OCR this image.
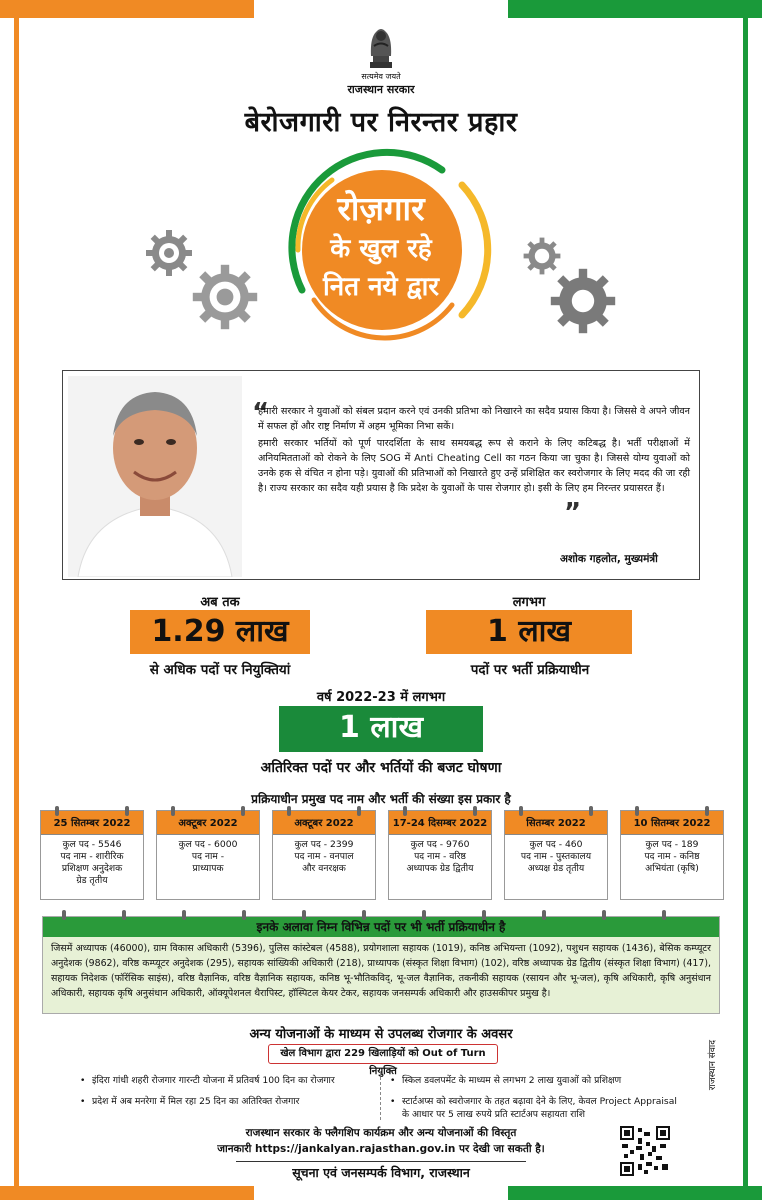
सत्यमेव जयते
राजस्थान सरकार
बेरोजगारी पर निरन्तर प्रहार
रोज़गार
के खुल रहे
नित नये द्वार
“

हमारी सरकार ने युवाओं को संबल प्रदान करने एवं उनकी प्रतिभा को निखारने का सदैव प्रयास किया है। जिससे वे अपने जीवन में सफल हों और राष्ट्र निर्माण में अहम भूमिका निभा सकें।

हमारी सरकार भर्तियों को पूर्ण पारदर्शिता के साथ समयबद्ध रूप से कराने के लिए कटिबद्ध है। भर्ती परीक्षाओं में अनियमितताओं को रोकने के लिए SOG में Anti Cheating Cell का गठन किया जा चुका है। जिससे योग्य युवाओं को उनके हक से वंचित न होना पड़े। युवाओं की प्रतिभाओं को निखारते हुए उन्हें प्रशिक्षित कर स्वरोजगार के लिए मदद की जा रही है। राज्य सरकार का सदैव यही प्रयास है कि प्रदेश के युवाओं के पास रोजगार हो। इसी के लिए हम निरन्तर प्रयासरत हैं।

”
अशोक गहलोत, मुख्यमंत्री
अब तक
1.29 लाख
से अधिक पदों पर नियुक्तियां
लगभग
1 लाख
पदों पर भर्ती प्रक्रियाधीन
वर्ष 2022-23 में लगभग
1 लाख
अतिरिक्त पदों पर और भर्तियों की बजट घोषणा
प्रक्रियाधीन प्रमुख पद नाम और भर्ती की संख्या इस प्रकार है
25 सितम्बर 2022
कुल पद - 5546
पद नाम - शारीरिक
प्रशिक्षण अनुदेशक
ग्रेड तृतीय
अक्टूबर 2022
कुल पद - 6000
पद नाम -
प्राध्यापक
अक्टूबर 2022
कुल पद - 2399
पद नाम - वनपाल
और वनरक्षक
17-24 दिसम्बर 2022
कुल पद - 9760
पद नाम - वरिष्ठ
अध्यापक ग्रेड द्वितीय
सितम्बर 2022
कुल पद - 460
पद नाम - पुस्तकालय
अध्यक्ष ग्रेड तृतीय
10 सितम्बर 2022
कुल पद - 189
पद नाम - कनिष्ठ
अभियंता (कृषि)
इनके अलावा निम्न विभिन्न पदों पर भी भर्ती प्रक्रियाधीन है
जिसमें अध्यापक (46000), ग्राम विकास अधिकारी (5396), पुलिस कांस्टेबल (4588), प्रयोगशाला सहायक (1019), कनिष्ठ अभियन्ता (1092), पशुधन सहायक (1436), बेसिक कम्प्यूटर अनुदेशक (9862), वरिष्ठ कम्प्यूटर अनुदेशक (295), सहायक सांख्यिकी अधिकारी (218), प्राध्यापक (संस्कृत शिक्षा विभाग) (102), वरिष्ठ अध्यापक ग्रेड द्वितीय (संस्कृत शिक्षा विभाग) (417), सहायक निदेशक (फॉरेंसिक साइंस), वरिष्ठ वैज्ञानिक, वरिष्ठ वैज्ञानिक सहायक, कनिष्ठ भू-भौतिकविद्, भू-जल वैज्ञानिक, तकनीकी सहायक (रसायन और भू-जल), कृषि अधिकारी, कृषि अनुसंधान अधिकारी, सहायक कृषि अनुसंधान अधिकारी, ऑक्यूपेशनल थैरापिस्ट, हॉस्पिटल केयर टेकर, सहायक जनसम्पर्क अधिकारी और हाउसकीपर प्रमुख है।
अन्य योजनाओं के माध्यम से उपलब्ध रोजगार के अवसर
खेल विभाग द्वारा 229 खिलाड़ियों को Out of Turn नियुक्ति
• इंदिरा गांधी शहरी रोजगार गारन्टी योजना में प्रतिवर्ष 100 दिन का रोजगार
• प्रदेश में अब मनरेगा में मिल रहा 25 दिन का अतिरिक्त रोजगार
• स्किल डवलपमेंट के माध्यम से लगभग 2 लाख युवाओं को प्रशिक्षण
• स्टार्टअप्स को स्वरोजगार के तहत बढ़ावा देने के लिए, केवल Project Appraisal के आधार पर 5 लाख रुपये प्रति स्टार्टअप सहायता राशि
राजस्थान संवाद
राजस्थान सरकार के फ्लैगशिप कार्यक्रम और अन्य योजनाओं की विस्तृत
जानकारी https://jankalyan.rajasthan.gov.in पर देखी जा सकती है।
सूचना एवं जनसम्पर्क विभाग, राजस्थान
